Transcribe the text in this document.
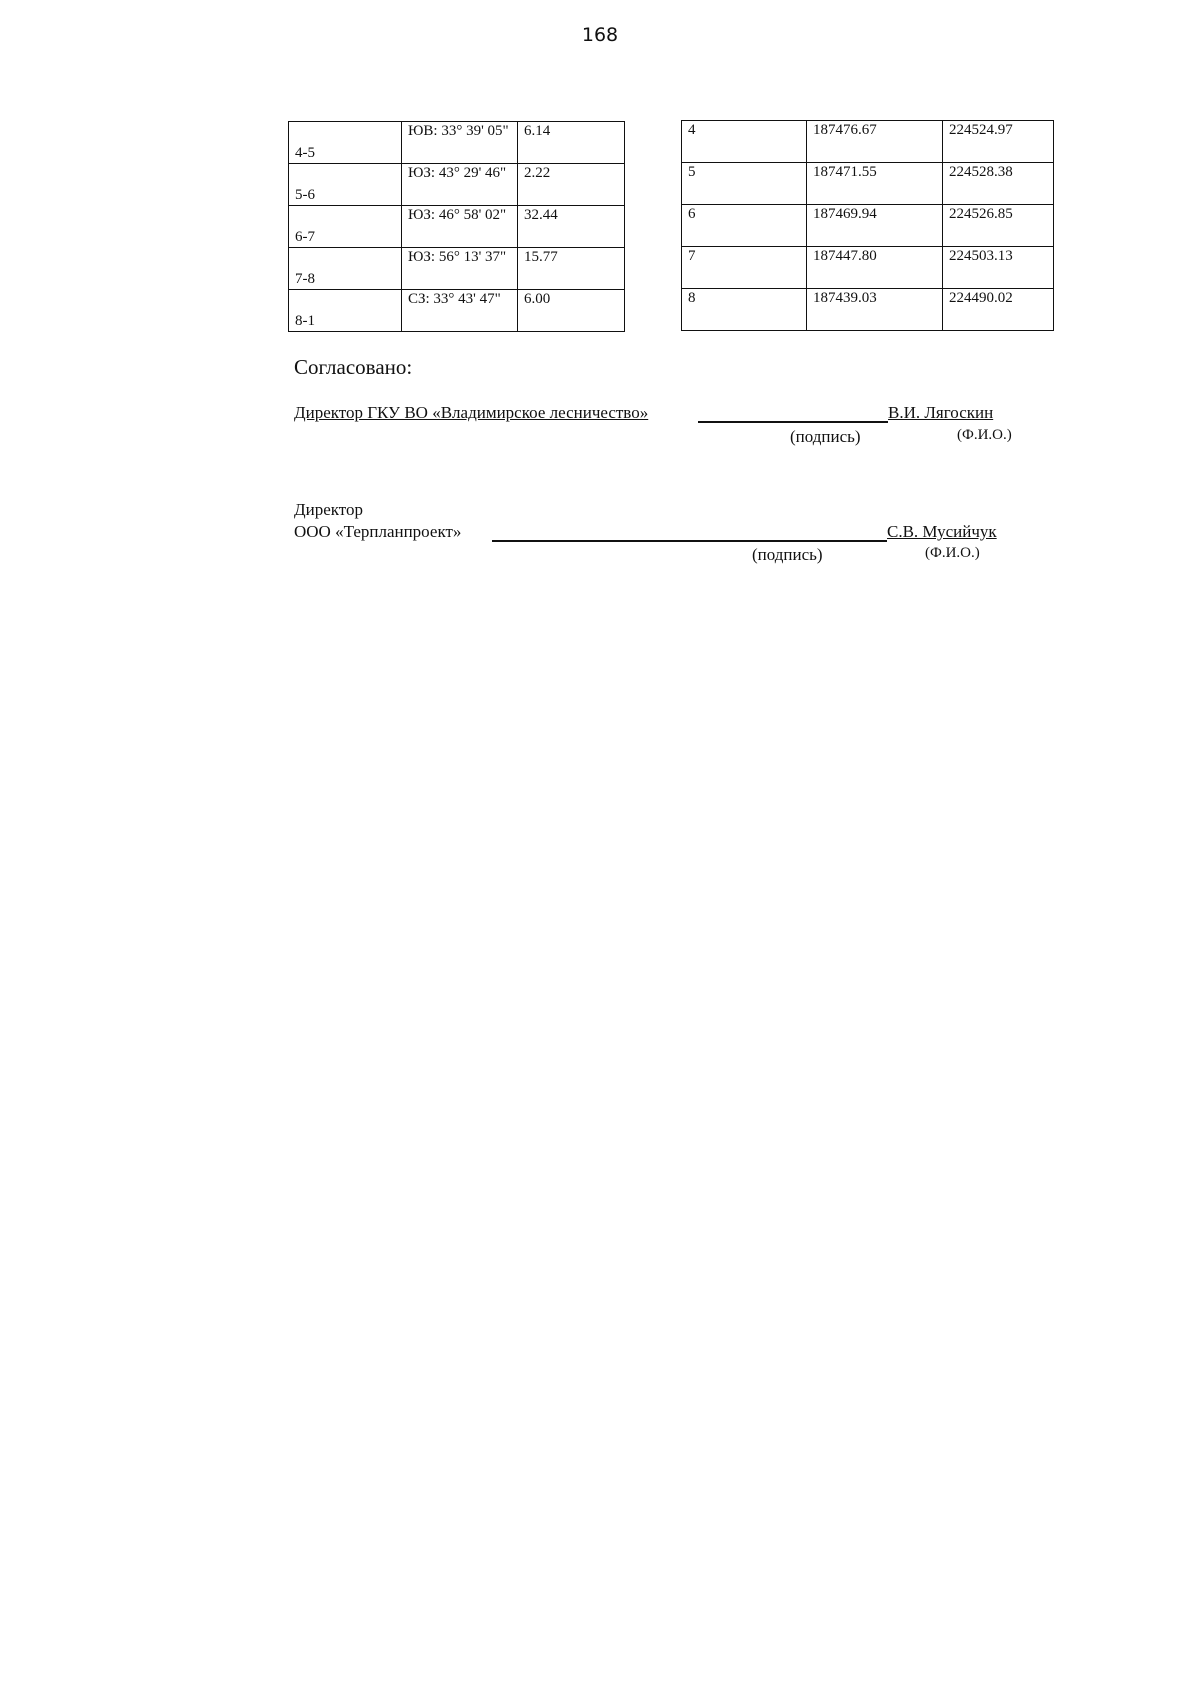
168
4-5	ЮВ: 33° 39' 05"	6.14
5-6	ЮЗ: 43° 29' 46"	2.22
6-7	ЮЗ: 46° 58' 02"	32.44
7-8	ЮЗ: 56° 13' 37"	15.77
8-1	СЗ: 33° 43' 47"	6.00
4	187476.67	224524.97
5	187471.55	224528.38
6	187469.94	224526.85
7	187447.80	224503.13
8	187439.03	224490.02
Согласовано:
Директор ГКУ ВО «Владимирское лесничество»	В.И. Лягоскин
(подпись)	(Ф.И.О.)
Директор
ООО «Терпланпроект»	С.В. Мусийчук
(подпись)	(Ф.И.О.)
